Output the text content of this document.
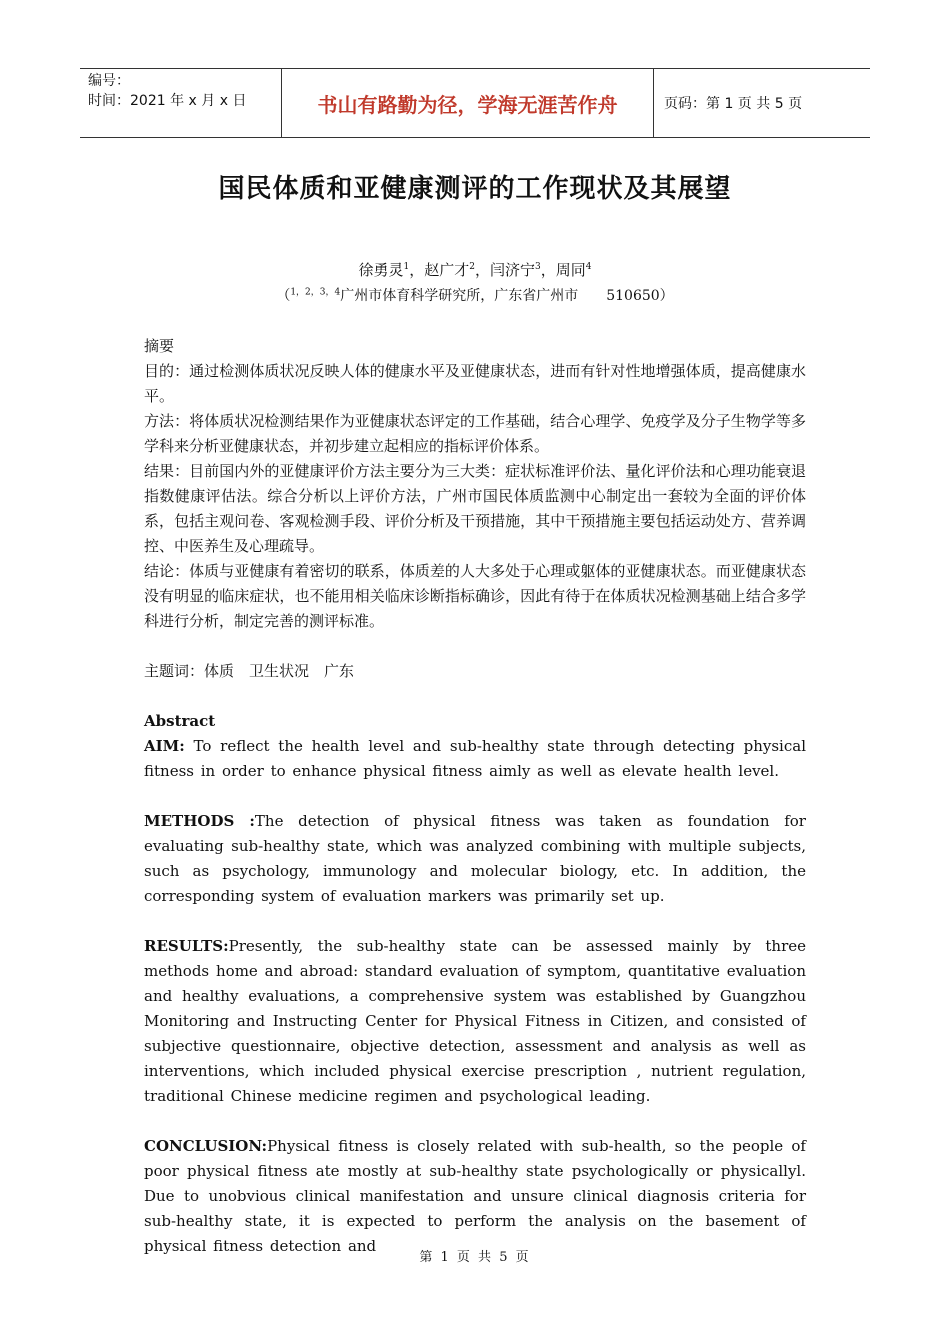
编号：
时间：2021 年 x 月 x 日	书山有路勤为径，学海无涯苦作舟	页码：第 1 页 共 5 页
国民体质和亚健康测评的工作现状及其展望
徐勇灵$^1$，赵广才$^2$，闫济宁$^3$，周同$^4$
（$^{1,2,3,4}$广州市体育科学研究所，广东省广州市　　510650）

摘要

目的：通过检测体质状况反映人体的健康水平及亚健康状态，进而有针对性地增强体质，提高健康水平。

方法：将体质状况检测结果作为亚健康状态评定的工作基础，结合心理学、免疫学及分子生物学等多学科来分析亚健康状态，并初步建立起相应的指标评价体系。

结果：目前国内外的亚健康评价方法主要分为三大类：症状标准评价法、量化评价法和心理功能衰退指数健康评估法。综合分析以上评价方法，广州市国民体质监测中心制定出一套较为全面的评价体系，包括主观问卷、客观检测手段、评价分析及干预措施，其中干预措施主要包括运动处方、营养调控、中医养生及心理疏导。

结论：体质与亚健康有着密切的联系，体质差的人大多处于心理或躯体的亚健康状态。而亚健康状态没有明显的临床症状，也不能用相关临床诊断指标确诊，因此有待于在体质状况检测基础上结合多学科进行分析，制定完善的测评标准。

主题词：体质　卫生状况　广东

Abstract

AIM: To reflect the health level and sub-healthy state through detecting physical fitness in order to enhance physical fitness aimly as well as elevate health level.

METHODS :The detection of physical fitness was taken as foundation for evaluating sub-healthy state, which was analyzed combining with multiple subjects, such as psychology, immunology and molecular biology, etc. In addition, the corresponding system of evaluation markers was primarily set up.

RESULTS:Presently, the sub-healthy state can be assessed mainly by three methods home and abroad: standard evaluation of symptom, quantitative evaluation and healthy evaluations, a comprehensive system was established by Guangzhou Monitoring and Instructing Center for Physical Fitness in Citizen, and consisted of subjective questionnaire, objective detection, assessment and analysis as well as interventions, which included physical exercise prescription , nutrient regulation, traditional Chinese medicine regimen and psychological leading.

CONCLUSION:Physical fitness is closely related with sub-health, so the people of poor physical fitness ate mostly at sub-healthy state psychologically or physicallyl. Due to unobvious clinical manifestation and unsure clinical diagnosis criteria for sub-healthy state, it is expected to perform the analysis on the basement of physical fitness detection and

第 1 页 共 5 页
